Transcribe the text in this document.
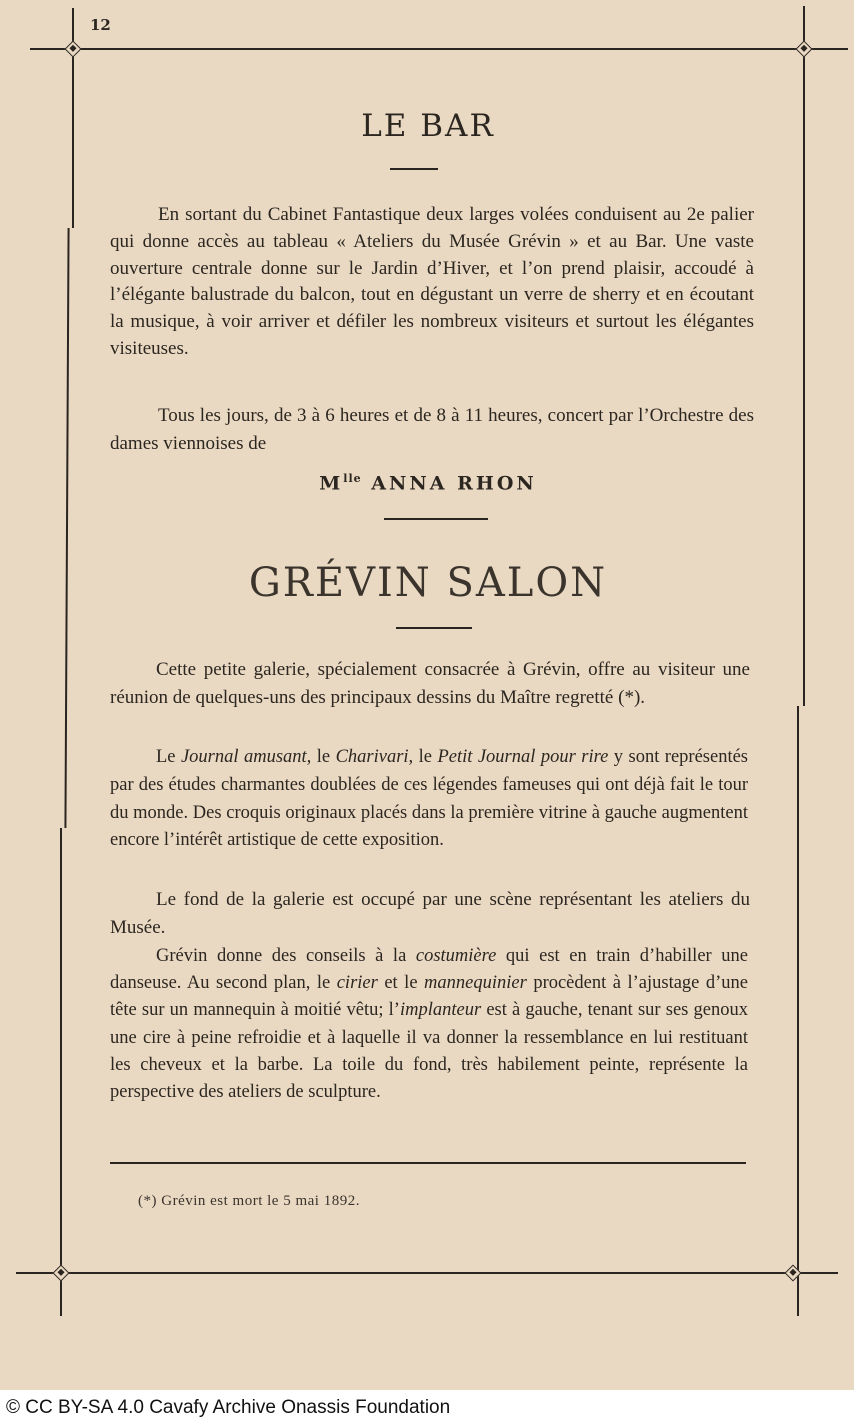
12
LE BAR

En sortant du Cabinet Fantastique deux larges volées conduisent au 2e palier qui donne accès au tableau « Ateliers du Musée Grévin » et au Bar. Une vaste ouverture centrale donne sur le Jardin d’Hiver, et l’on prend plaisir, accoudé à l’élégante balustrade du balcon, tout en dégustant un verre de sherry et en écoutant la musique, à voir arriver et défiler les nombreux visiteurs et surtout les élégantes visiteuses.

Tous les jours, de 3 à 6 heures et de 8 à 11 heures, concert par l’Orchestre des dames viennoises de

$M^{lle}$ ANNA RHON
GRÉVIN SALON

Cette petite galerie, spécialement consacrée à Grévin, offre au visiteur une réunion de quelques-uns des principaux dessins du Maître regretté (*).

Le Journal amusant, le Charivari, le Petit Journal pour rire y sont représentés par des études charmantes doublées de ces légendes fameuses qui ont déjà fait le tour du monde. Des croquis originaux placés dans la première vitrine à gauche augmentent encore l’intérêt artistique de cette exposition.

Le fond de la galerie est occupé par une scène représentant les ateliers du Musée.

Grévin donne des conseils à la costumière qui est en train d’habiller une danseuse. Au second plan, le cirier et le mannequinier procèdent à l’ajustage d’une tête sur un mannequin à moitié vêtu; l’implanteur est à gauche, tenant sur ses genoux une cire à peine refroidie et à laquelle il va donner la ressemblance en lui restituant les cheveux et la barbe. La toile du fond, très habilement peinte, représente la perspective des ateliers de sculpture.

(*) Grévin est mort le 5 mai 1892.
© CC BY-SA 4.0 Cavafy Archive Onassis Foundation
